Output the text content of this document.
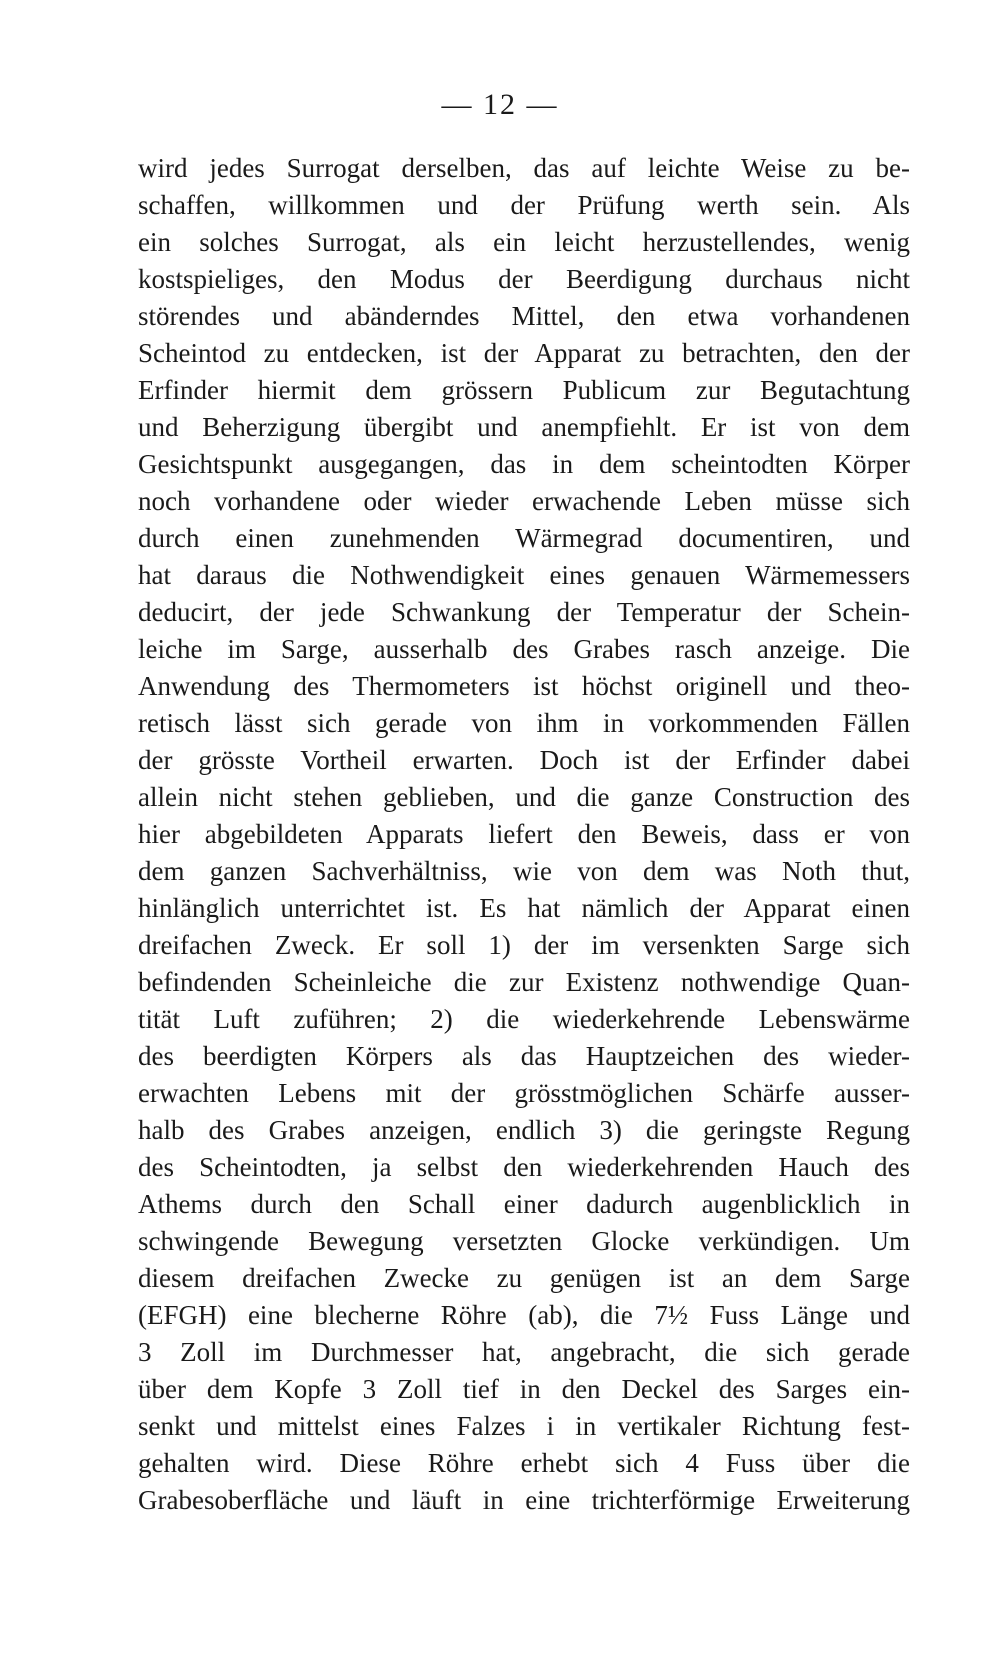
— 12 —
wird jedes Surrogat derselben, das auf leichte Weise zu be-
schaffen, willkommen und der Prüfung werth sein. Als
ein solches Surrogat, als ein leicht herzustellendes, wenig
kostspieliges, den Modus der Beerdigung durchaus nicht
störendes und abänderndes Mittel, den etwa vorhandenen
Scheintod zu entdecken, ist der Apparat zu betrachten, den der
Erfinder hiermit dem grössern Publicum zur Begutachtung
und Beherzigung übergibt und anempfiehlt. Er ist von dem
Gesichtspunkt ausgegangen, das in dem scheintodten Körper
noch vorhandene oder wieder erwachende Leben müsse sich
durch einen zunehmenden Wärmegrad documentiren, und
hat daraus die Nothwendigkeit eines genauen Wärmemessers
deducirt, der jede Schwankung der Temperatur der Schein-
leiche im Sarge, ausserhalb des Grabes rasch anzeige. Die
Anwendung des Thermometers ist höchst originell und theo-
retisch lässt sich gerade von ihm in vorkommenden Fällen
der grösste Vortheil erwarten. Doch ist der Erfinder dabei
allein nicht stehen geblieben, und die ganze Construction des
hier abgebildeten Apparats liefert den Beweis, dass er von
dem ganzen Sachverhältniss, wie von dem was Noth thut,
hinlänglich unterrichtet ist. Es hat nämlich der Apparat einen
dreifachen Zweck. Er soll 1) der im versenkten Sarge sich
befindenden Scheinleiche die zur Existenz nothwendige Quan-
tität Luft zuführen; 2) die wiederkehrende Lebenswärme
des beerdigten Körpers als das Hauptzeichen des wieder-
erwachten Lebens mit der grösstmöglichen Schärfe ausser-
halb des Grabes anzeigen, endlich 3) die geringste Regung
des Scheintodten, ja selbst den wiederkehrenden Hauch des
Athems durch den Schall einer dadurch augenblicklich in
schwingende Bewegung versetzten Glocke verkündigen. Um
diesem dreifachen Zwecke zu genügen ist an dem Sarge
(EFGH) eine blecherne Röhre (ab), die 7½ Fuss Länge und
3 Zoll im Durchmesser hat, angebracht, die sich gerade
über dem Kopfe 3 Zoll tief in den Deckel des Sarges ein-
senkt und mittelst eines Falzes i in vertikaler Richtung fest-
gehalten wird. Diese Röhre erhebt sich 4 Fuss über die
Grabesoberfläche und läuft in eine trichterförmige Erweiterung
